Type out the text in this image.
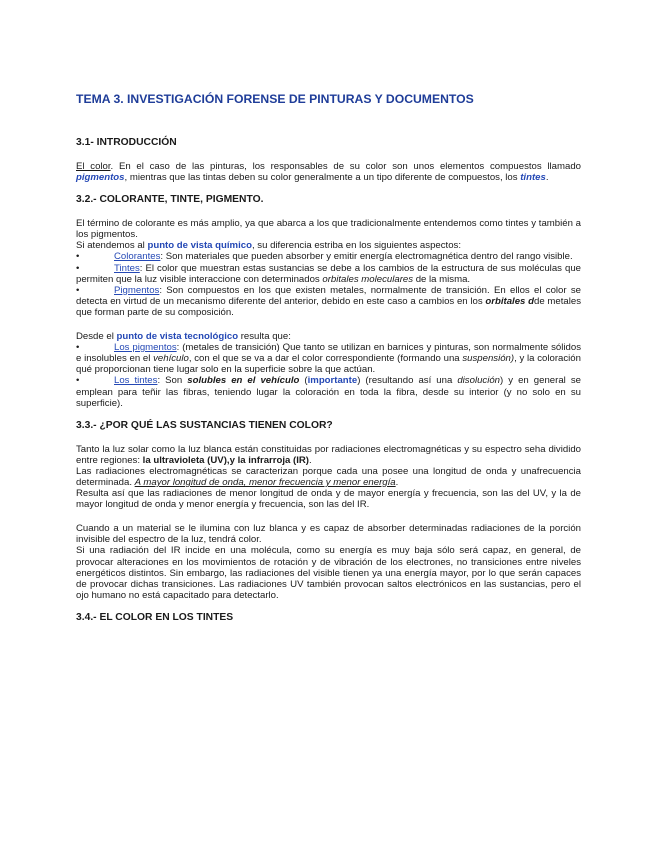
TEMA 3. INVESTIGACIÓN FORENSE DE PINTURAS Y DOCUMENTOS
3.1- INTRODUCCIÓN

El color. En el caso de las pinturas, los responsables de su color son unos elementos compuestos llamado pigmentos, mientras que las tintas deben su color generalmente a un tipo diferente de compuestos, los tintes.

3.2.- COLORANTE, TINTE, PIGMENTO.

El término de colorante es más amplio, ya que abarca a los que tradicionalmente entendemos como tintes y también a los pigmentos.

Si atendemos al punto de vista químico, su diferencia estriba en los siguientes aspectos:

•	Colorantes: Son materiales que pueden absorber y emitir energía electromagnética dentro del rango visible.

•	Tintes: El color que muestran estas sustancias se debe a los cambios de la estructura de sus moléculas que permiten que la luz visible interaccione con determinados orbitales moleculares de la misma.

•	Pigmentos: Son compuestos en los que existen metales, normalmente de transición. En ellos el color se detecta en virtud de un mecanismo diferente del anterior, debido en este caso a cambios en los orbitales dde metales que forman parte de su composición.

Desde el punto de vista tecnológico resulta que:

•	Los pigmentos: (metales de transición) Que tanto se utilizan en barnices y pinturas, son normalmente sólidos e insolubles en el vehículo, con el que se va a dar el color correspondiente (formando una suspensión), y la coloración qué proporcionan tiene lugar solo en la superficie sobre la que actúan.

•	Los tintes: Son solubles en el vehículo (importante) (resultando así una disolución) y en general se emplean para teñir las fibras, teniendo lugar la coloración en toda la fibra, desde su interior (y no solo en su superficie).

3.3.- ¿POR QUÉ LAS SUSTANCIAS TIENEN COLOR?

Tanto la luz solar como la luz blanca están constituidas por radiaciones electromagnéticas y su espectro seha dividido entre regiones: la ultravioleta (UV),y la infrarroja (IR).

Las radiaciones electromagnéticas se caracterizan porque cada una posee una longitud de onda y unafrecuencia determinada. A mayor longitud de onda, menor frecuencia y menor energía.

Resulta así que las radiaciones de menor longitud de onda y de mayor energía y frecuencia, son las del UV, y la de mayor longitud de onda y menor energía y frecuencia, son las del IR.

Cuando a un material se le ilumina con luz blanca y es capaz de absorber determinadas radiaciones de la porción invisible del espectro de la luz, tendrá color.

Si una radiación del IR incide en una molécula, como su energía es muy baja sólo será capaz, en general, de provocar alteraciones en los movimientos de rotación y de vibración de los electrones, no transiciones entre niveles energéticos distintos. Sin embargo, las radiaciones del visible tienen ya una energía mayor, por lo que serán capaces de provocar dichas transiciones. Las radiaciones UV también provocan saltos electrónicos en las sustancias, pero el ojo humano no está capacitado para detectarlo.

3.4.- EL COLOR EN LOS TINTES
